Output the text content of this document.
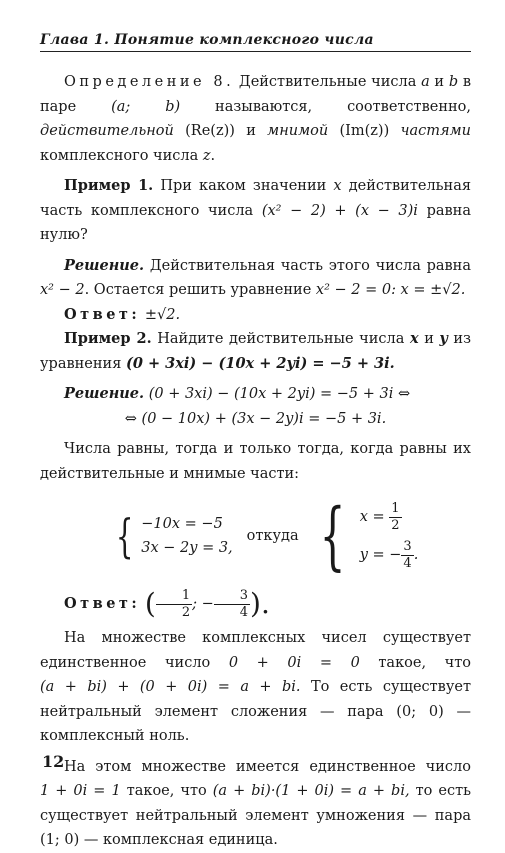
Глава 1. Понятие комплексного числа

Определение 8. Действительные числа a и b в паре (a; b) называются, соответственно, действительной (Re(z)) и мнимой (Im(z)) частями комплексного числа z.

Пример 1. При каком значении x действительная часть комплексного числа (x² − 2) + (x − 3)i равна нулю?

Решение. Действительная часть этого числа равна x² − 2. Остается решить уравнение x² − 2 = 0: x = ±√2.

Ответ: ±√2.

Пример 2. Найдите действительные числа x и y из уравнения (0 + 3xi) − (10x + 2yi) = −5 + 3i.

Решение. (0 + 3xi) − (10x + 2yi) = −5 + 3i ⇔

⇔ (0 − 10x) + (3x − 2y)i = −5 + 3i.

Числа равны, тогда и только тогда, когда равны их действительные и мнимые части:

{ −10x = −5
3x − 2y = 3,
откуда { $x = \frac{1}{2}$
y = − $\frac{3}{4}$ .

Ответ: ( $\frac{1}{2}$ ; − $\frac{3}{4}$ ).

На множестве комплексных чисел существует единственное число 0 + 0i = 0 такое, что (a + bi) + (0 + 0i) = a + bi. То есть существует нейтральный элемент сложения — пара (0; 0) — комплексный ноль.

На этом множестве имеется единственное число 1 + 0i = 1 такое, что (a + bi)·(1 + 0i) = a + bi, то есть существует нейтральный элемент умножения — пара (1; 0) — комплексная единица.

12
